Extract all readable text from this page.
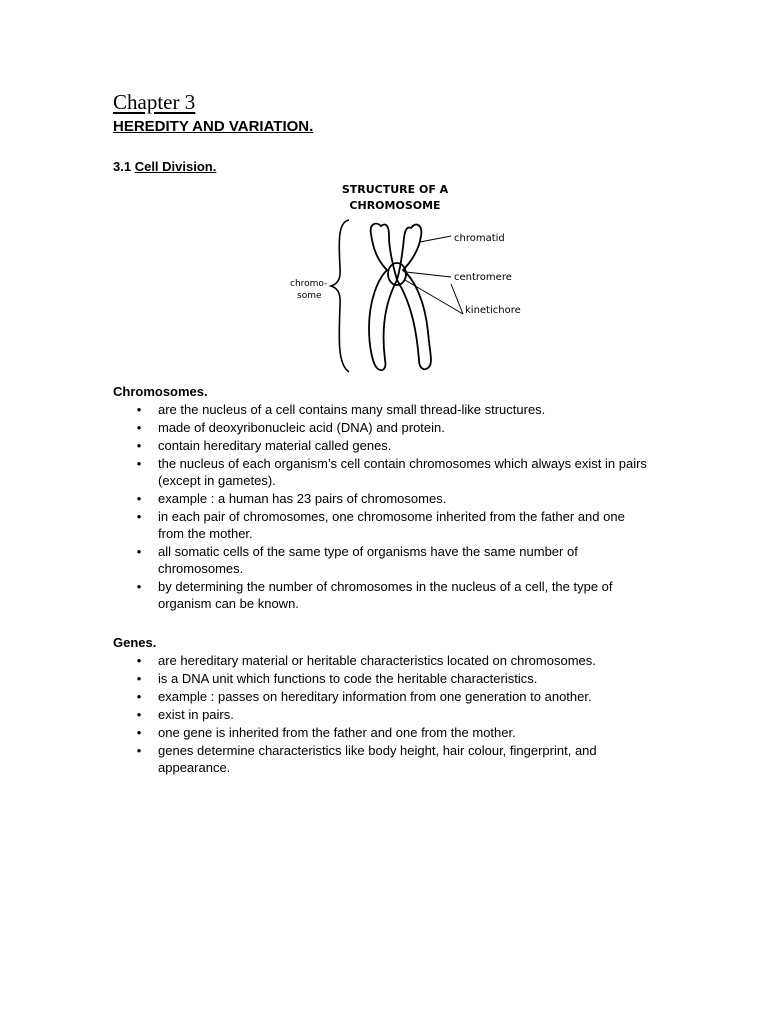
Chapter 3
HEREDITY AND VARIATION.
3.1 Cell Division.
STRUCTURE OF A
CHROMOSOME
chromatid
centromere
kinetichore
chromo-
some
Chromosomes.
• are the nucleus of a cell contains many small thread-like structures.
• made of deoxyribonucleic acid (DNA) and protein.
• contain hereditary material called genes.
• the nucleus of each organism’s cell contain chromosomes which always exist in pairs (except in gametes).
• example : a human has 23 pairs of chromosomes.
• in each pair of chromosomes, one chromosome inherited from the father and one from the mother.
• all somatic cells of the same type of organisms have the same number of chromosomes.
• by determining the number of chromosomes in the nucleus of a cell, the type of organism can be known.
Genes.
• are hereditary material or heritable characteristics located on chromosomes.
• is a DNA unit which functions to code the heritable characteristics.
• example : passes on hereditary information from one generation to another.
• exist in pairs.
• one gene is inherited from the father and one from the mother.
• genes determine characteristics like body height, hair colour, fingerprint, and appearance.
